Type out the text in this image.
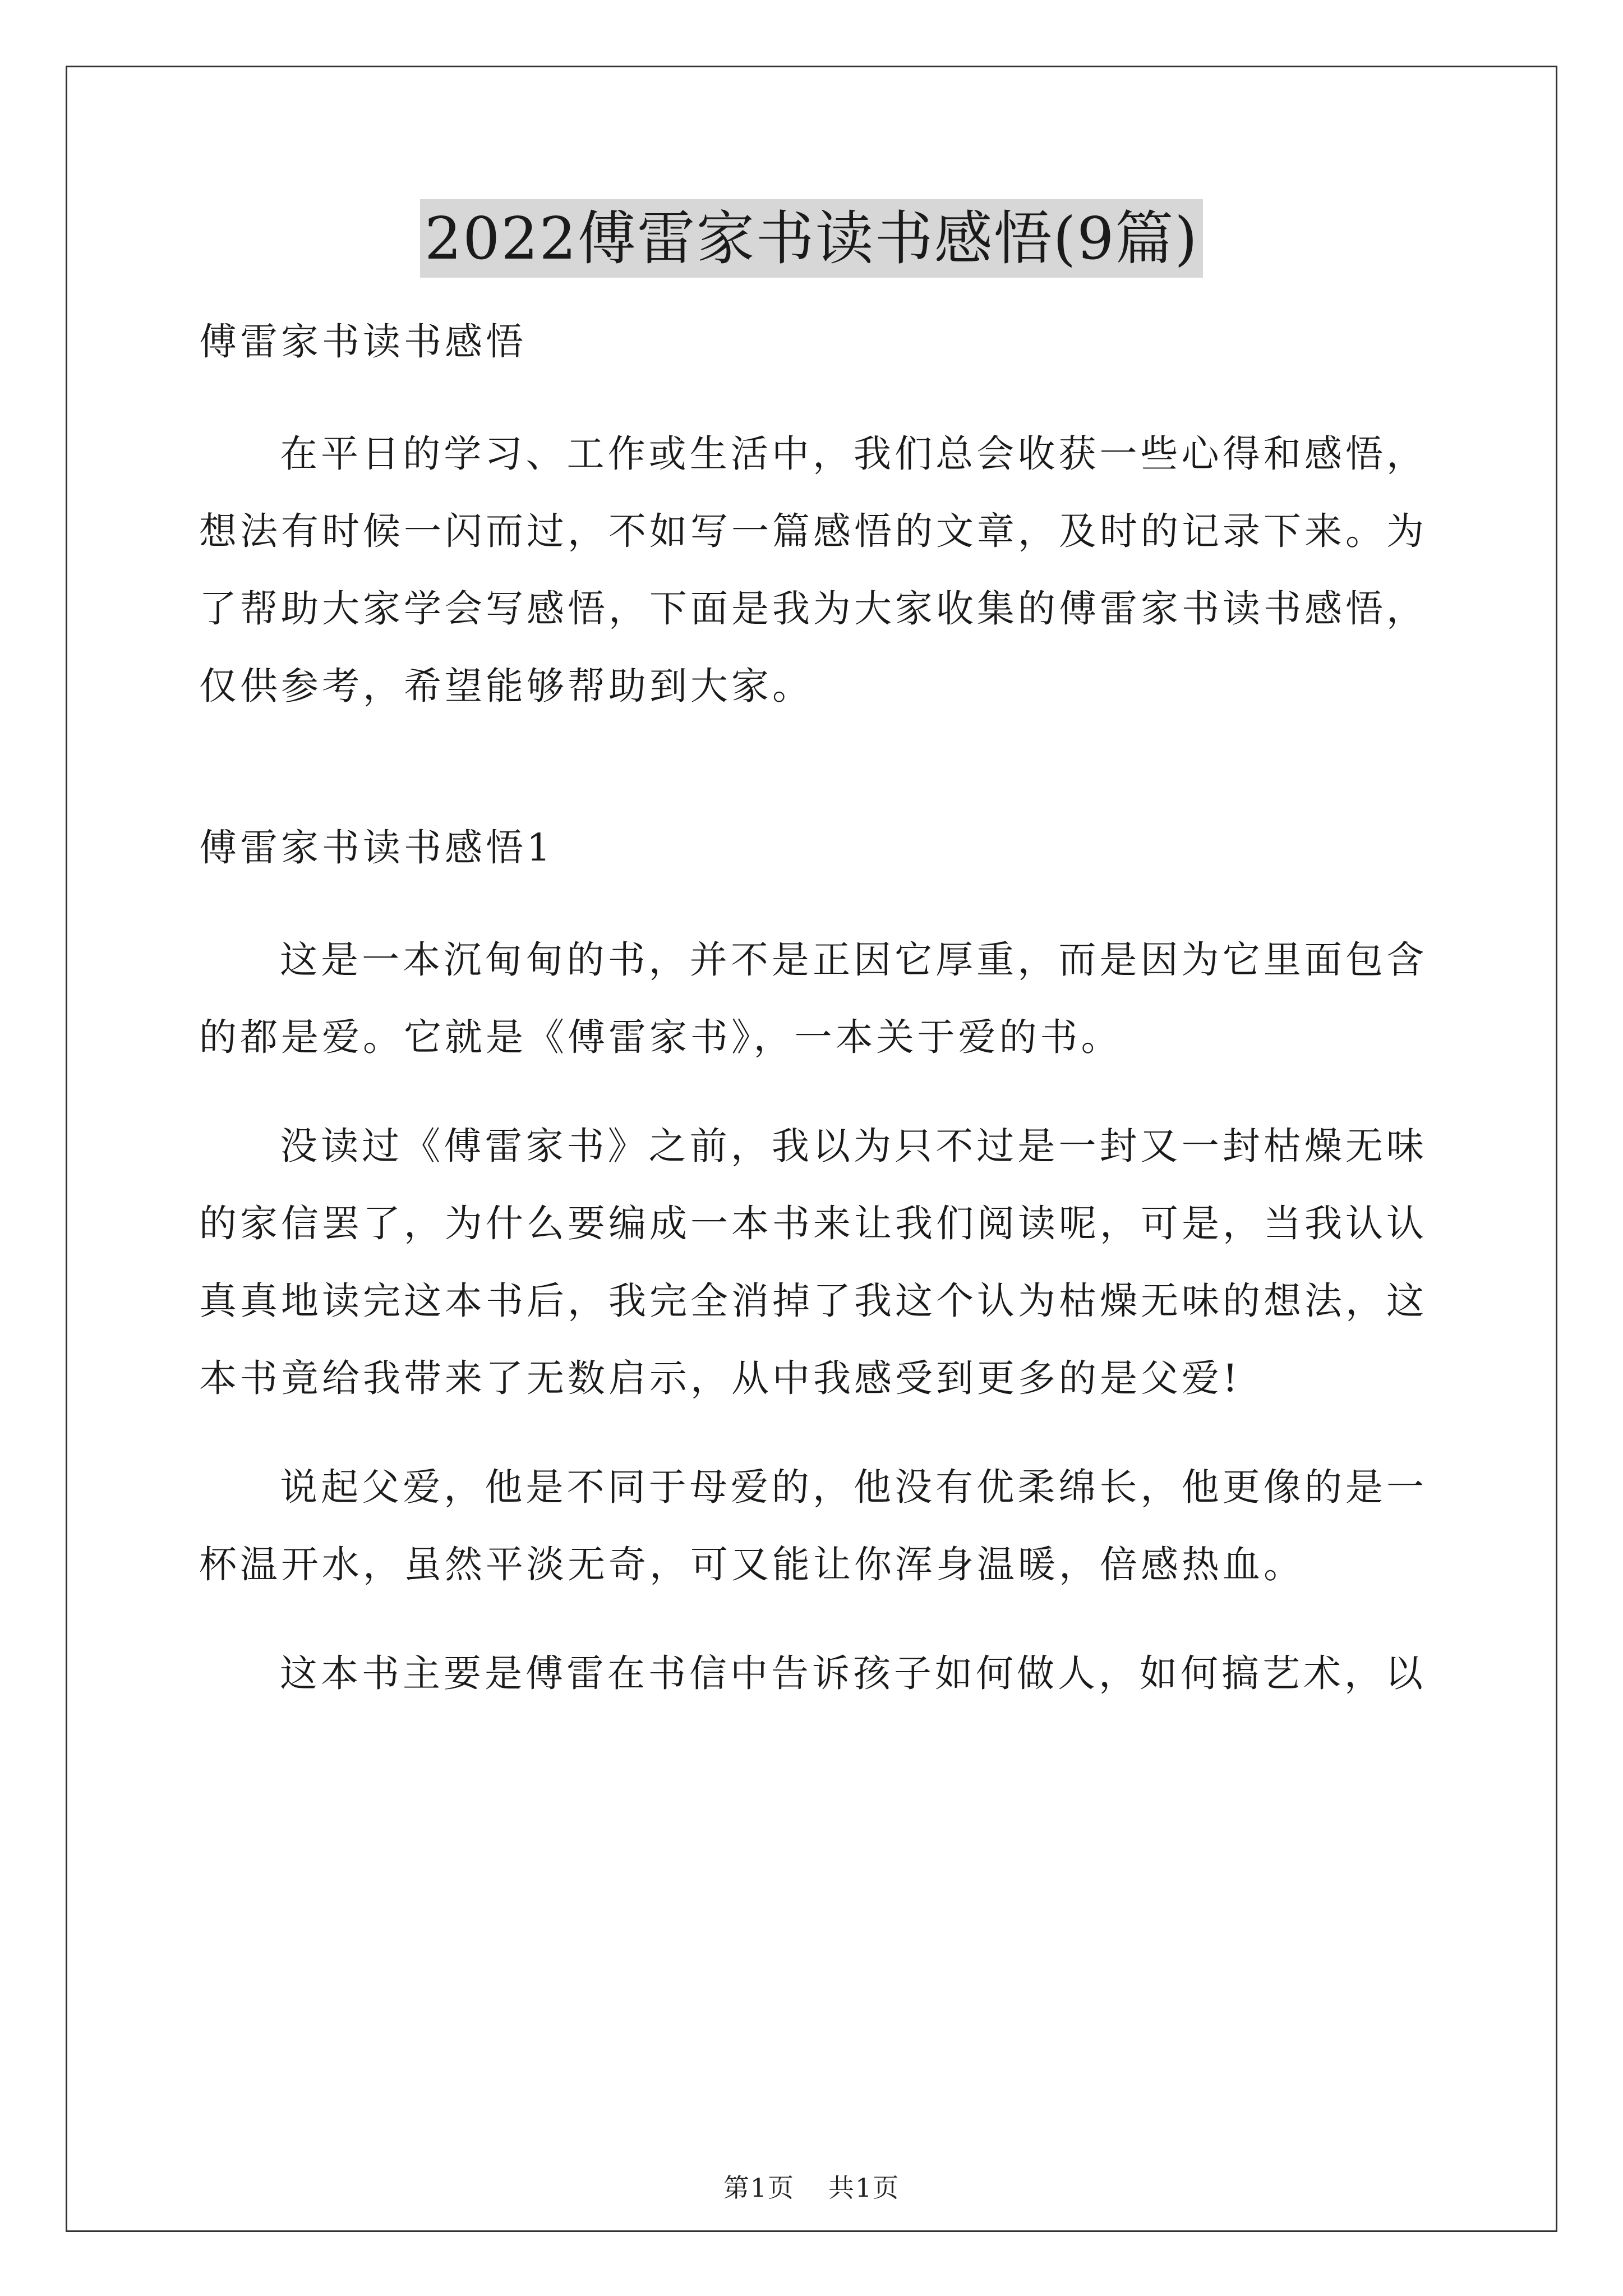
2022傅雷家书读书感悟(9篇)

傅雷家书读书感悟

在平日的学习、工作或生活中，我们总会收获一些心得和感悟，想法有时候一闪而过，不如写一篇感悟的文章，及时的记录下来。为了帮助大家学会写感悟，下面是我为大家收集的傅雷家书读书感悟，仅供参考，希望能够帮助到大家。

傅雷家书读书感悟1

这是一本沉甸甸的书，并不是正因它厚重，而是因为它里面包含的都是爱。它就是《傅雷家书》，一本关于爱的书。

没读过《傅雷家书》之前，我以为只不过是一封又一封枯燥无味的家信罢了，为什么要编成一本书来让我们阅读呢，可是，当我认认真真地读完这本书后，我完全消掉了我这个认为枯燥无味的想法，这本书竟给我带来了无数启示，从中我感受到更多的是父爱!

说起父爱，他是不同于母爱的，他没有优柔绵长，他更像的是一杯温开水，虽然平淡无奇，可又能让你浑身温暖，倍感热血。

这本书主要是傅雷在书信中告诉孩子如何做人，如何搞艺术，以

第1页 共1页
